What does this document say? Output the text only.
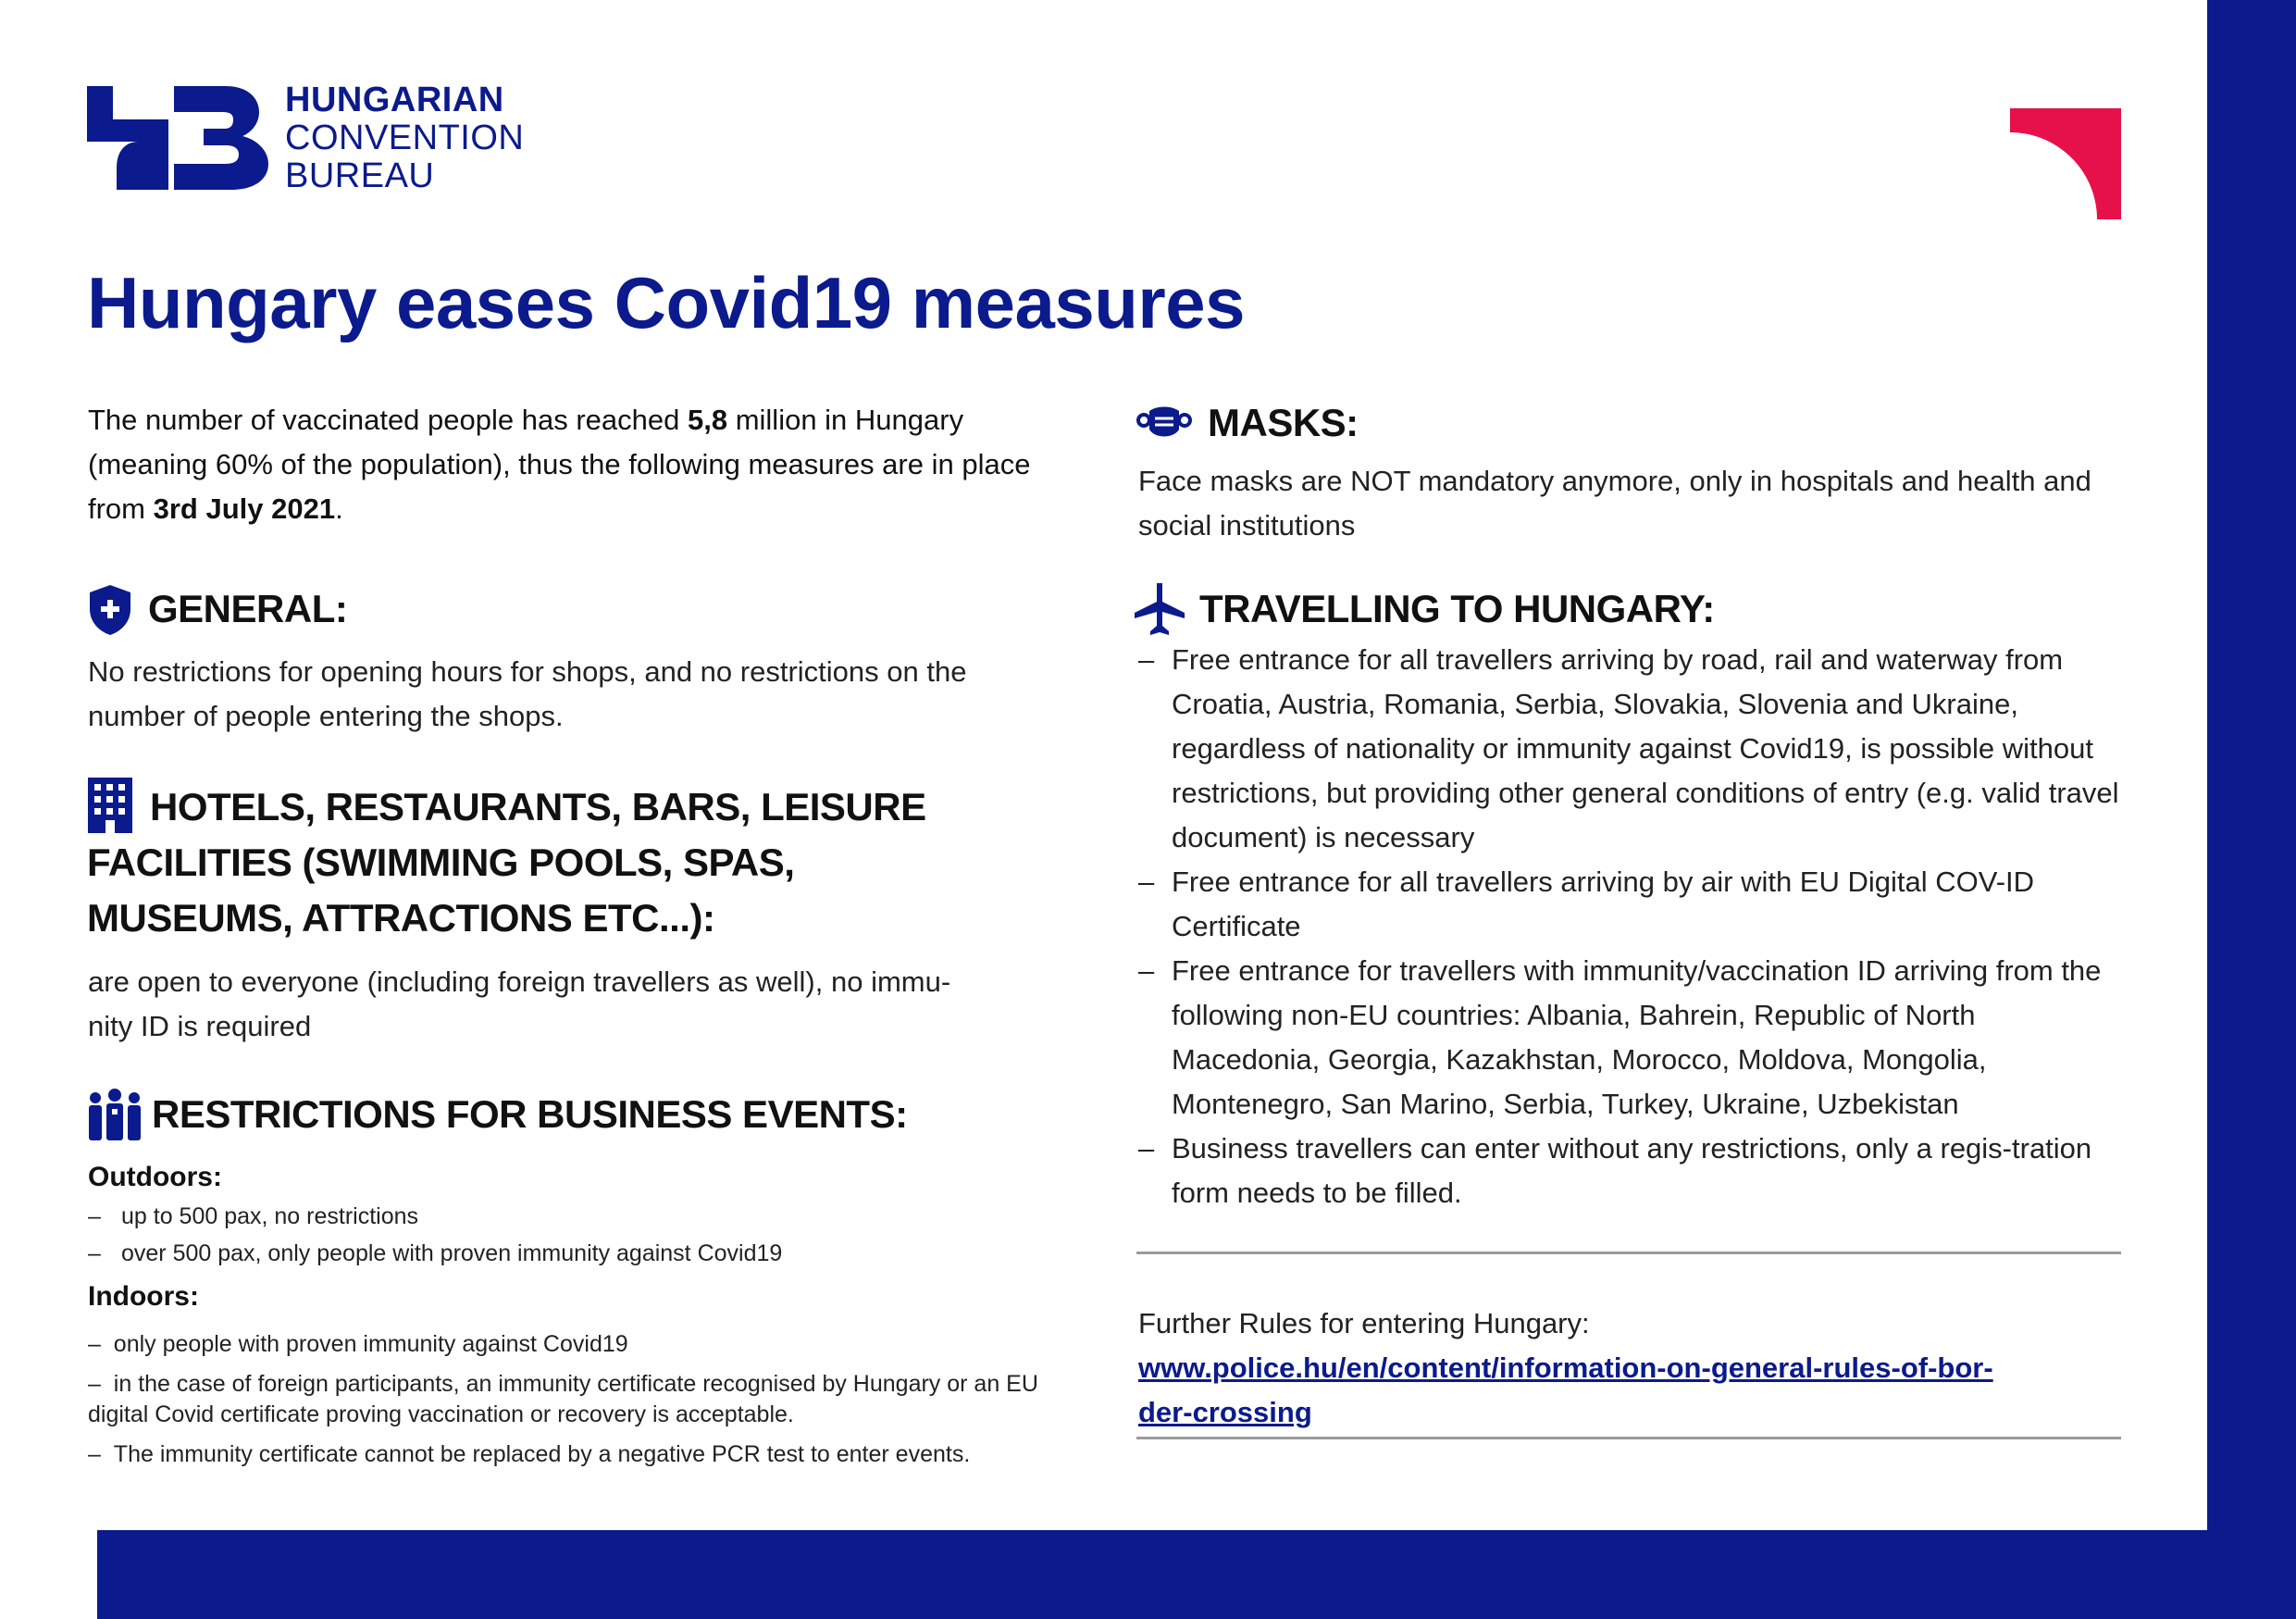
HUNGARIAN
CONVENTION
BUREAU
Hungary eases Covid19 measures
The number of vaccinated people has reached 5,8 million in Hungary (meaning 60% of the population), thus the following measures are in place from 3rd July 2021.
GENERAL:
No restrictions for opening hours for shops, and no restrictions on the number of people entering the shops.
HOTELS, RESTAURANTS, BARS, LEISURE
FACILITIES (SWIMMING POOLS, SPAS,
MUSEUMS, ATTRACTIONS ETC...):
are open to everyone (including foreign travellers as well), no immu-
nity ID is required
RESTRICTIONS FOR BUSINESS EVENTS:
Outdoors:
– up to 500 pax, no restrictions
– over 500 pax, only people with proven immunity against Covid19
Indoors:
–  only people with proven immunity against Covid19
–  in the case of foreign participants, an immunity certificate recognised by Hungary or an EU digital Covid certificate proving vaccination or recovery is acceptable.
–  The immunity certificate cannot be replaced by a negative PCR test to enter events.
MASKS:
Face masks are NOT mandatory anymore, only in hospitals and health and social institutions
TRAVELLING TO HUNGARY:
– Free entrance for all travellers arriving by road, rail and waterway from Croatia, Austria, Romania, Serbia, Slovakia, Slovenia and Ukraine, regardless of nationality or immunity against Covid19, is possible without restrictions, but providing other general conditions of entry (e.g. valid travel document) is necessary
– Free entrance for all travellers arriving by air with EU Digital COV-ID Certificate
– Free entrance for travellers with immunity/vaccination ID arriving from the following non-EU countries: Albania, Bahrein, Republic of North Macedonia, Georgia, Kazakhstan, Morocco, Moldova, Mongolia, Montenegro, San Marino, Serbia, Turkey, Ukraine, Uzbekistan
– Business travellers can enter without any restrictions, only a regis-tration form needs to be filled.
Further Rules for entering Hungary:
www.police.hu/en/content/information-on-general-rules-of-bor-
der-crossing
